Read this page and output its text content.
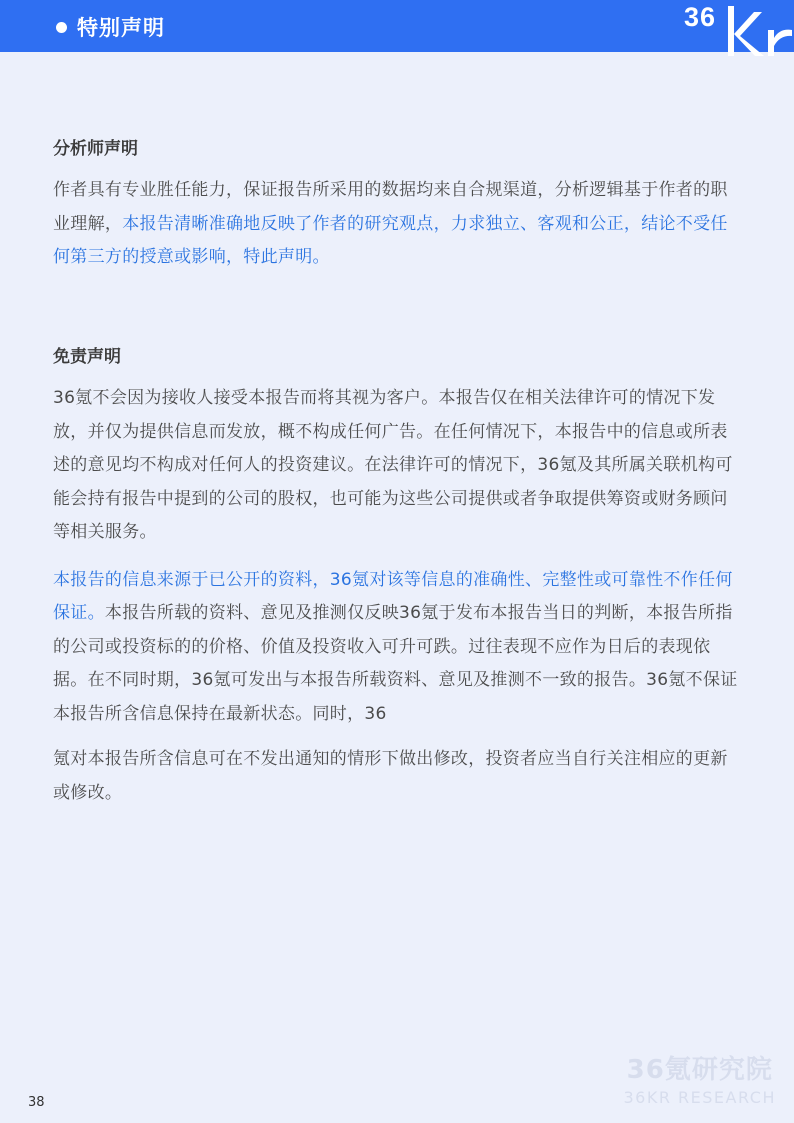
特别声明	36

分析师声明

作者具有专业胜任能力，保证报告所采用的数据均来自合规渠道，分析逻辑基于作者的职业理解，本报告清晰准确地反映了作者的研究观点，力求独立、客观和公正，结论不受任何第三方的授意或影响，特此声明。

免责声明

36氪不会因为接收人接受本报告而将其视为客户。本报告仅在相关法律许可的情况下发放，并仅为提供信息而发放，概不构成任何广告。在任何情况下，本报告中的信息或所表述的意见均不构成对任何人的投资建议。在法律许可的情况下，36氪及其所属关联机构可能会持有报告中提到的公司的股权，也可能为这些公司提供或者争取提供筹资或财务顾问等相关服务。

本报告的信息来源于已公开的资料，36氪对该等信息的准确性、完整性或可靠性不作任何保证。本报告所载的资料、意见及推测仅反映36氪于发布本报告当日的判断，本报告所指的公司或投资标的的价格、价值及投资收入可升可跌。过往表现不应作为日后的表现依据。在不同时期，36氪可发出与本报告所载资料、意见及推测不一致的报告。36氪不保证本报告所含信息保持在最新状态。同时，36

氪对本报告所含信息可在不发出通知的情形下做出修改，投资者应当自行关注相应的更新或修改。

36氪研究院
36KR RESEARCH
38
